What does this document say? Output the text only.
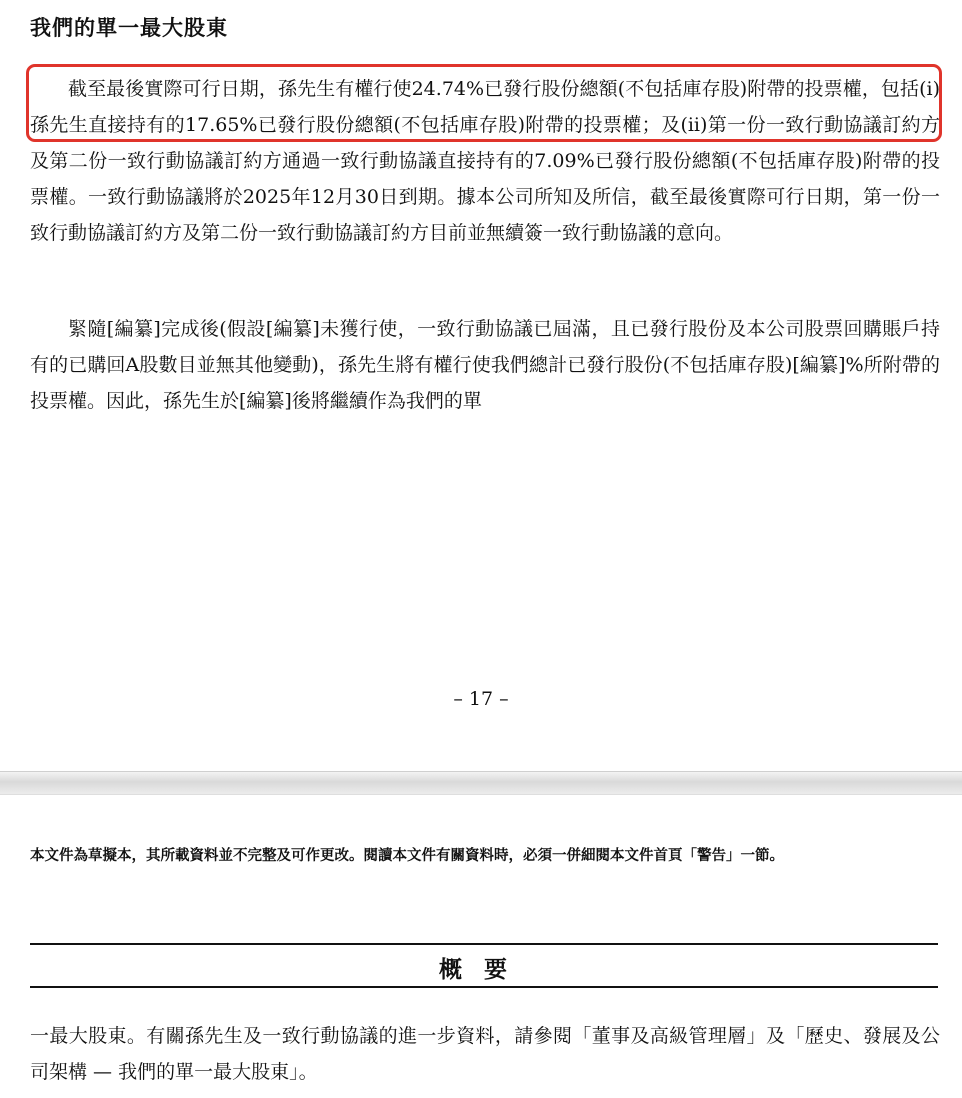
我們的單一最大股東

截至最後實際可行日期，孫先生有權行使24.74%已發行股份總額(不包括庫存股)附帶的投票權，包括(i)孫先生直接持有的17.65%已發行股份總額(不包括庫存股)附帶的投票權；及(ii)第一份一致行動協議訂約方及第二份一致行動協議訂約方通過一致行動協議直接持有的7.09%已發行股份總額(不包括庫存股)附帶的投票權。一致行動協議將於2025年12月30日到期。據本公司所知及所信，截至最後實際可行日期，第一份一致行動協議訂約方及第二份一致行動協議訂約方目前並無續簽一致行動協議的意向。

緊隨[編纂]完成後(假設[編纂]未獲行使，一致行動協議已屆滿，且已發行股份及本公司股票回購賬戶持有的已購回A股數目並無其他變動)，孫先生將有權行使我們總計已發行股份(不包括庫存股)[編纂]%所附帶的投票權。因此，孫先生於[編纂]後將繼續作為我們的單

– 17 –
本文件為草擬本，其所載資料並不完整及可作更改。閱讀本文件有關資料時，必須一併細閱本文件首頁「警告」一節。
概要

一最大股東。有關孫先生及一致行動協議的進一步資料，請參閱「董事及高級管理層」及「歷史、發展及公司架構 — 我們的單一最大股東」。
